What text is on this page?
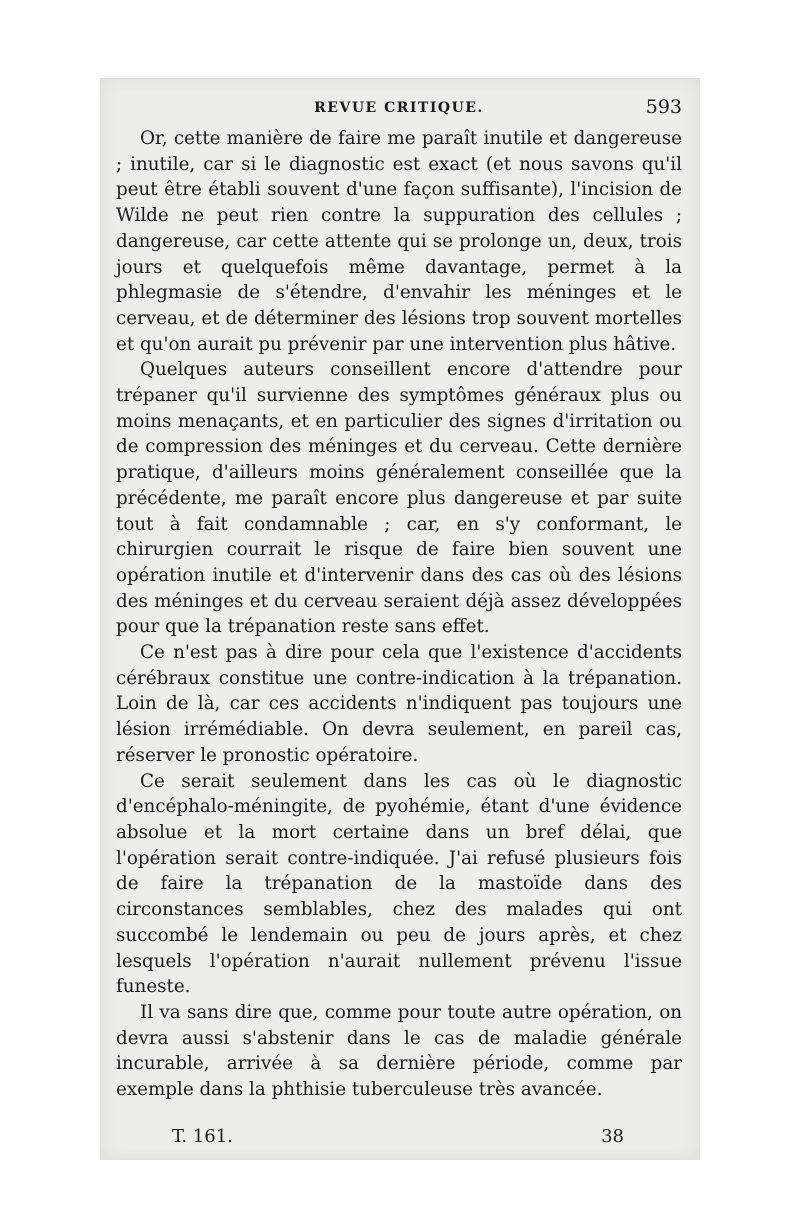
REVUE CRITIQUE.	593

Or, cette manière de faire me paraît inutile et dangereuse ; inutile, car si le diagnostic est exact (et nous savons qu'il peut être établi souvent d'une façon suffisante), l'incision de Wilde ne peut rien contre la suppuration des cellules ; dangereuse, car cette attente qui se prolonge un, deux, trois jours et quelquefois même davantage, permet à la phlegmasie de s'étendre, d'envahir les méninges et le cerveau, et de déterminer des lésions trop souvent mortelles et qu'on aurait pu prévenir par une intervention plus hâtive.

Quelques auteurs conseillent encore d'attendre pour trépaner qu'il survienne des symptômes généraux plus ou moins menaçants, et en particulier des signes d'irritation ou de compression des méninges et du cerveau. Cette dernière pratique, d'ailleurs moins généralement conseillée que la précédente, me paraît encore plus dangereuse et par suite tout à fait condamnable ; car, en s'y conformant, le chirurgien courrait le risque de faire bien souvent une opération inutile et d'intervenir dans des cas où des lésions des méninges et du cerveau seraient déjà assez développées pour que la trépanation reste sans effet.

Ce n'est pas à dire pour cela que l'existence d'accidents cérébraux constitue une contre-indication à la trépanation. Loin de là, car ces accidents n'indiquent pas toujours une lésion irrémédiable. On devra seulement, en pareil cas, réserver le pronostic opératoire.

Ce serait seulement dans les cas où le diagnostic d'encéphalo-méningite, de pyohémie, étant d'une évidence absolue et la mort certaine dans un bref délai, que l'opération serait contre-indiquée. J'ai refusé plusieurs fois de faire la trépanation de la mastoïde dans des circonstances semblables, chez des malades qui ont succombé le lendemain ou peu de jours après, et chez lesquels l'opération n'aurait nullement prévenu l'issue funeste.

Il va sans dire que, comme pour toute autre opération, on devra aussi s'abstenir dans le cas de maladie générale incurable, arrivée à sa dernière période, comme par exemple dans la phthisie tuberculeuse très avancée.

T. 161.	38
